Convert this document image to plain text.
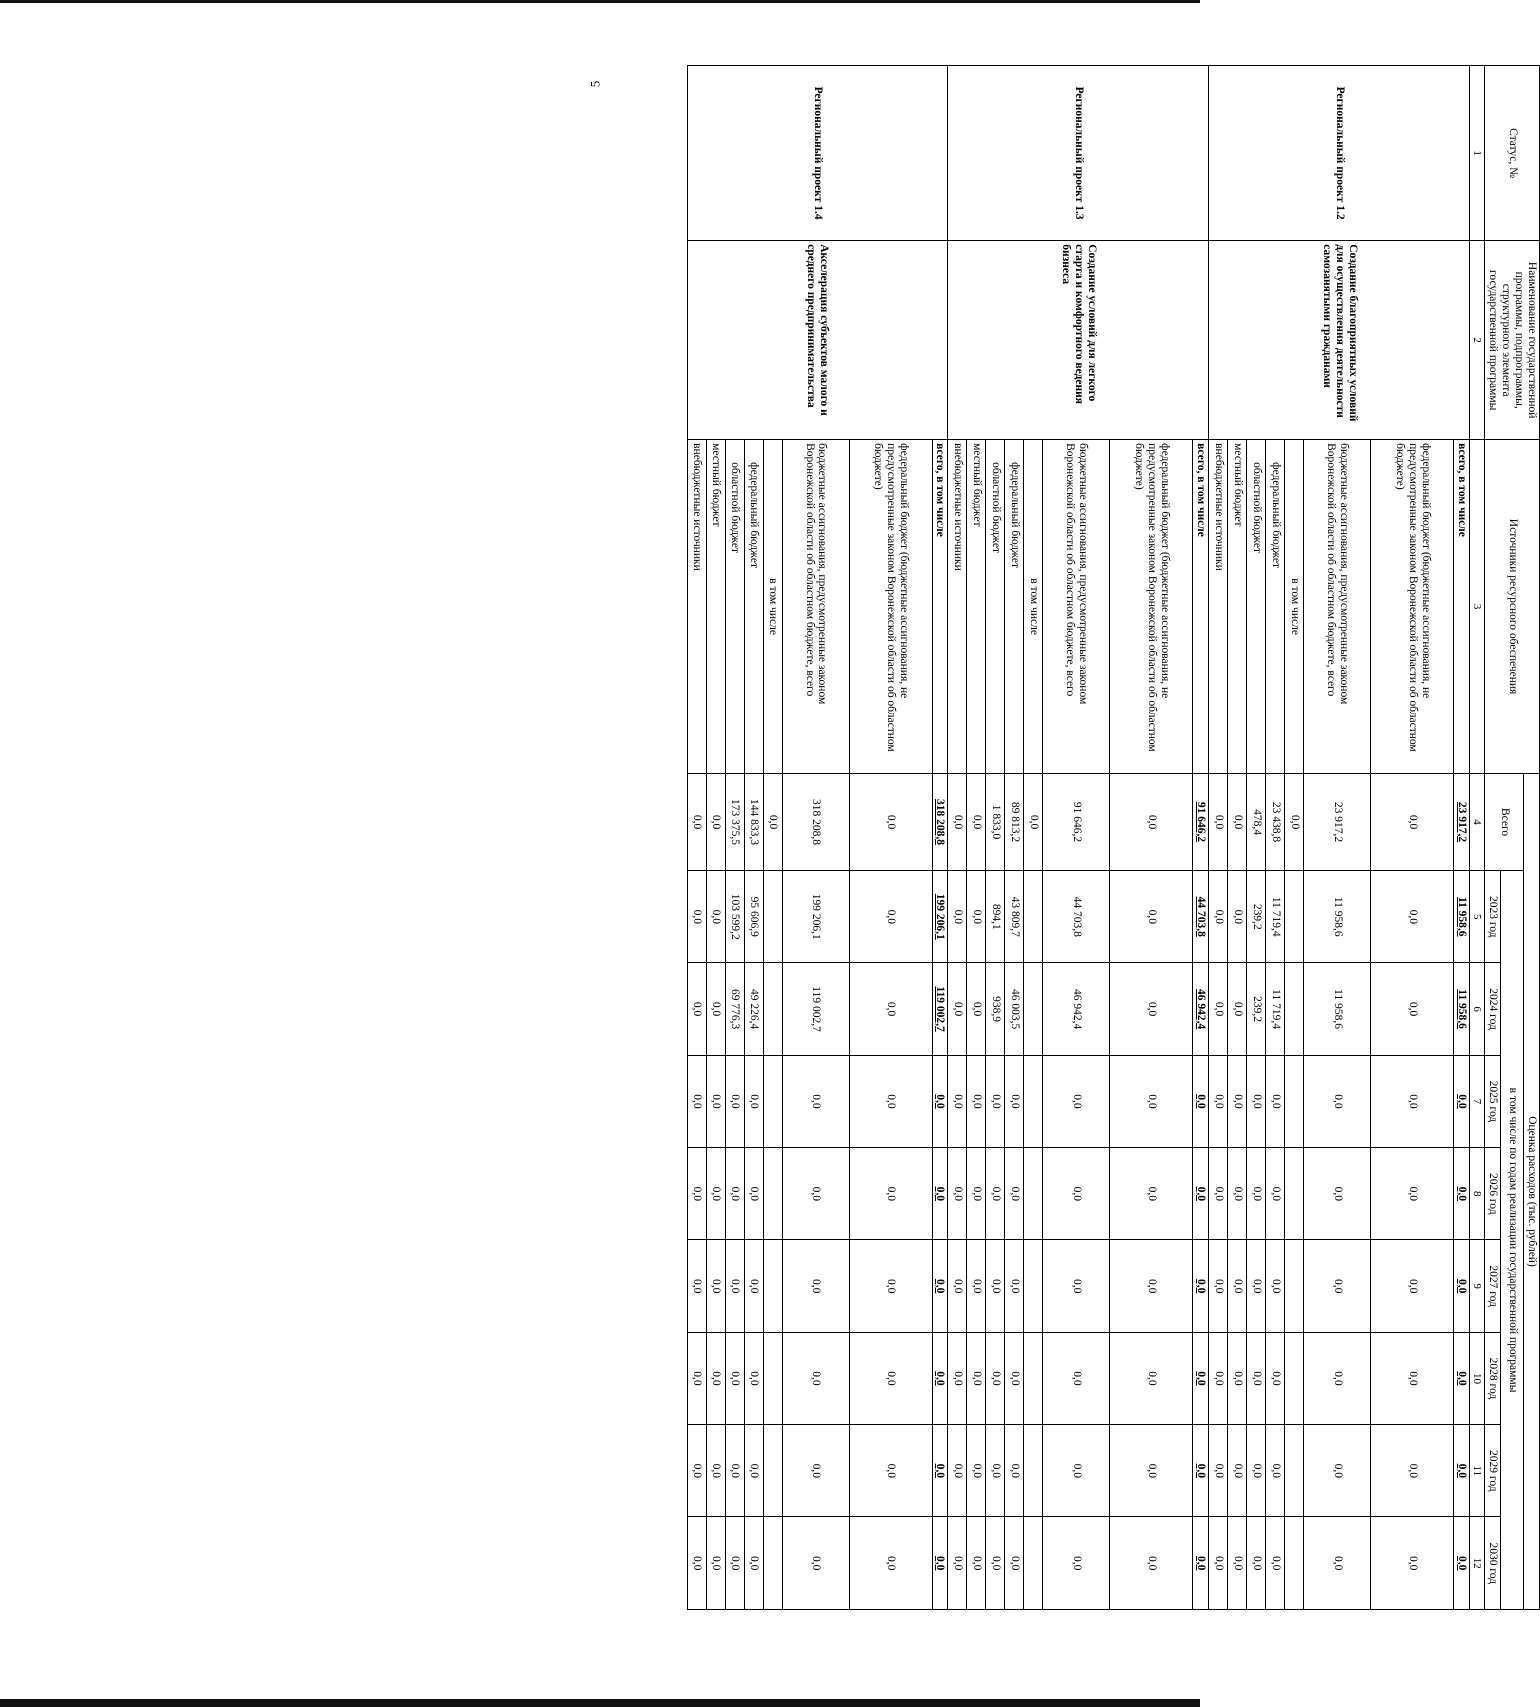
5
Статус, №	Наименование государственной программы, подпрограммы, структурного элемента государственной программы	Источники ресурсного обеспечения	Оценка расходов (тыс. рублей)								
			Всего	в том числе по годам реализации государственной программы							
				2023 год	2024 год	2025 год	2026 год	2027 год	2028 год	2029 год	2030 год
1	2	3	4	5	6	7	8	9	10	11	12
Региональный проект 1.2	Создание благоприятных условий для осуществления деятельности самозанятыми гражданами	всего, в том числе	23 917,2	11 958,6	11 958,6	0,0	0,0	0,0	0,0	0,0	0,0
		федеральный бюджет (бюджетные ассигнования, не предусмотренные законом Воронежской области об областном бюджете)	0,0	0,0	0,0	0,0	0,0	0,0	0,0	0,0	0,0
		бюджетные ассигнования, предусмотренные законом Воронежской области об областном бюджете, всего	23 917,2	11 958,6	11 958,6	0,0	0,0	0,0	0,0	0,0	0,0
		в том числе	0,0								
		федеральный бюджет	23 438,8	11 719,4	11 719,4	0,0	0,0	0,0	0,0	0,0	0,0
		областной бюджет	478,4	239,2	239,2	0,0	0,0	0,0	0,0	0,0	0,0
		местный бюджет	0,0	0,0	0,0	0,0	0,0	0,0	0,0	0,0	0,0
		внебюджетные источники	0,0	0,0	0,0	0,0	0,0	0,0	0,0	0,0	0,0
Региональный проект 1.3	Создание условий для легкого старта и комфортного ведения бизнеса	всего, в том числе	91 646,2	44 703,8	46 942,4	0,0	0,0	0,0	0,0	0,0	0,0
		федеральный бюджет (бюджетные ассигнования, не предусмотренные законом Воронежской области об областном бюджете)	0,0	0,0	0,0	0,0	0,0	0,0	0,0	0,0	0,0
		бюджетные ассигнования, предусмотренные законом Воронежской области об областном бюджете, всего	91 646,2	44 703,8	46 942,4	0,0	0,0	0,0	0,0	0,0	0,0
		в том числе	0,0								
		федеральный бюджет	89 813,2	43 809,7	46 003,5	0,0	0,0	0,0	0,0	0,0	0,0
		областной бюджет	1 833,0	894,1	938,9	0,0	0,0	0,0	0,0	0,0	0,0
		местный бюджет	0,0	0,0	0,0	0,0	0,0	0,0	0,0	0,0	0,0
		внебюджетные источники	0,0	0,0	0,0	0,0	0,0	0,0	0,0	0,0	0,0
Региональный проект 1.4	Акселерация субъектов малого и среднего предпринимательства	всего, в том числе	318 208,8	199 206,1	119 002,7	0,0	0,0	0,0	0,0	0,0	0,0
		федеральный бюджет (бюджетные ассигнования, не предусмотренные законом Воронежской области об областном бюджете)	0,0	0,0	0,0	0,0	0,0	0,0	0,0	0,0	0,0
		бюджетные ассигнования, предусмотренные законом Воронежской области об областном бюджете, всего	318 208,8	199 206,1	119 002,7	0,0	0,0	0,0	0,0	0,0	0,0
		в том числе	0,0								
		федеральный бюджет	144 833,3	95 606,9	49 226,4	0,0	0,0	0,0	0,0	0,0	0,0
		областной бюджет	173 375,5	103 599,2	69 776,3	0,0	0,0	0,0	0,0	0,0	0,0
		местный бюджет	0,0	0,0	0,0	0,0	0,0	0,0	0,0	0,0	0,0
		внебюджетные источники	0,0	0,0	0,0	0,0	0,0	0,0	0,0	0,0	0,0
